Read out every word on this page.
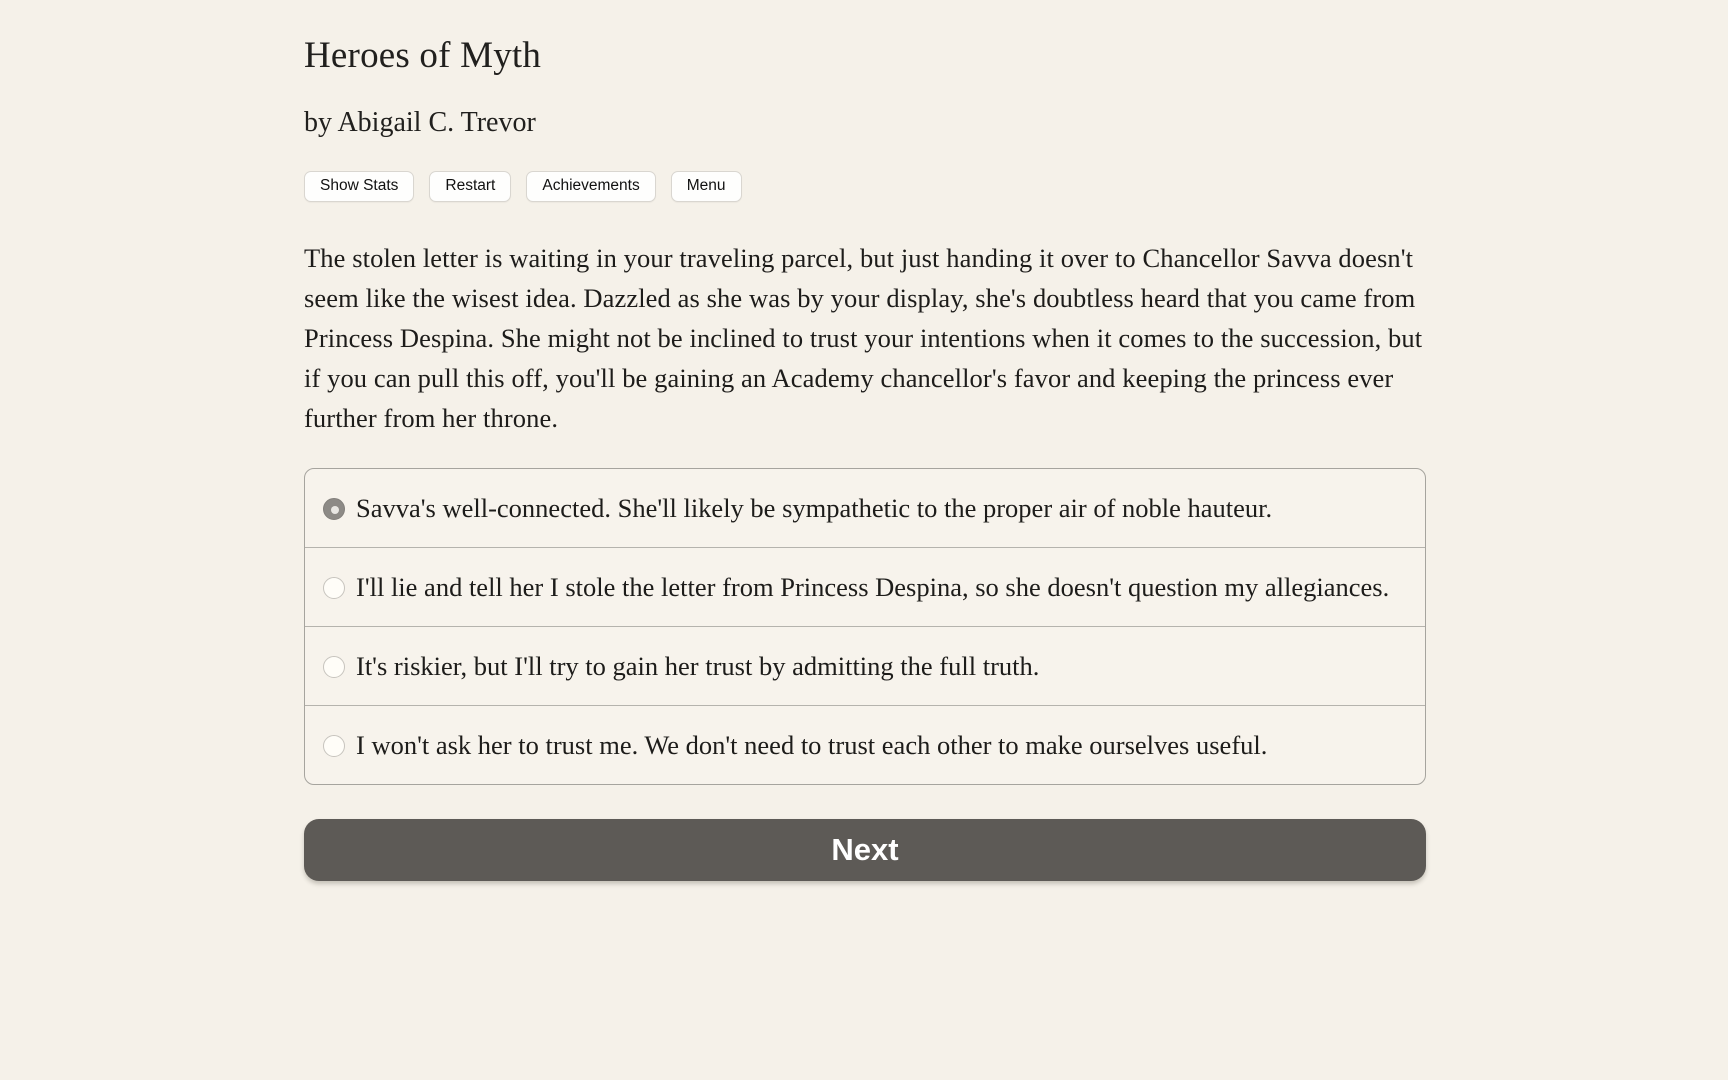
Heroes of Myth
by Abigail C. Trevor
Show Stats	Restart	Achievements	Menu

The stolen letter is waiting in your traveling parcel, but just handing it over to Chancellor Savva doesn't seem like the wisest idea. Dazzled as she was by your display, she's doubtless heard that you came from Princess Despina. She might not be inclined to trust your intentions when it comes to the succession, but if you can pull this off, you'll be gaining an Academy chancellor's favor and keeping the princess ever further from her throne.

Savva's well-connected. She'll likely be sympathetic to the proper air of noble hauteur.
I'll lie and tell her I stole the letter from Princess Despina, so she doesn't question my allegiances.
It's riskier, but I'll try to gain her trust by admitting the full truth.
I won't ask her to trust me. We don't need to trust each other to make ourselves useful.
Next
